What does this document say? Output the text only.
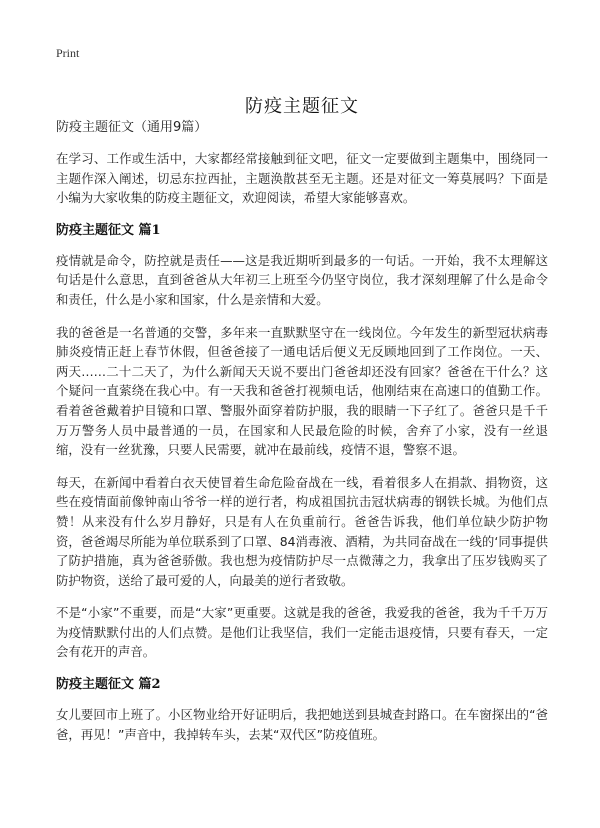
Print
防疫主题征文

防疫主题征文（通用9篇）

在学习、工作或生活中，大家都经常接触到征文吧，征文一定要做到主题集中，围绕同一主题作深入阐述，切忌东拉西扯，主题涣散甚至无主题。还是对征文一筹莫展吗？下面是小编为大家收集的防疫主题征文，欢迎阅读，希望大家能够喜欢。

防疫主题征文 篇1

疫情就是命令，防控就是责任——这是我近期听到最多的一句话。一开始，我不太理解这句话是什么意思，直到爸爸从大年初三上班至今仍坚守岗位，我才深刻理解了什么是命令和责任，什么是小家和国家，什么是亲情和大爱。

我的爸爸是一名普通的交警，多年来一直默默坚守在一线岗位。今年发生的新型冠状病毒肺炎疫情正赶上春节休假，但爸爸接了一通电话后便义无反顾地回到了工作岗位。一天、两天……二十二天了，为什么新闻天天说不要出门爸爸却还没有回家？爸爸在干什么？这个疑问一直萦绕在我心中。有一天我和爸爸打视频电话，他刚结束在高速口的值勤工作。看着爸爸戴着护目镜和口罩、警服外面穿着防护服，我的眼睛一下子红了。爸爸只是千千万万警务人员中最普通的一员，在国家和人民最危险的时候，舍弃了小家，没有一丝退缩，没有一丝犹豫，只要人民需要，就冲在最前线，疫情不退，警察不退。

每天，在新闻中看着白衣天使冒着生命危险奋战在一线，看着很多人在捐款、捐物资，这些在疫情面前像钟南山爷爷一样的逆行者，构成祖国抗击冠状病毒的钢铁长城。为他们点赞！从来没有什么岁月静好，只是有人在负重前行。爸爸告诉我，他们单位缺少防护物资，爸爸竭尽所能为单位联系到了口罩、84消毒液、酒精，为共同奋战在一线的‘同事提供了防护措施，真为爸爸骄傲。我也想为疫情防护尽一点微薄之力，我拿出了压岁钱购买了防护物资，送给了最可爱的人，向最美的逆行者致敬。

不是“小家”不重要，而是“大家”更重要。这就是我的爸爸，我爱我的爸爸，我为千千万万为疫情默默付出的人们点赞。是他们让我坚信，我们一定能击退疫情，只要有春天，一定会有花开的声音。

防疫主题征文 篇2

女儿要回市上班了。小区物业给开好证明后，我把她送到县城查封路口。在车窗探出的“爸爸，再见！”声音中，我掉转车头，去某“双代区”防疫值班。
